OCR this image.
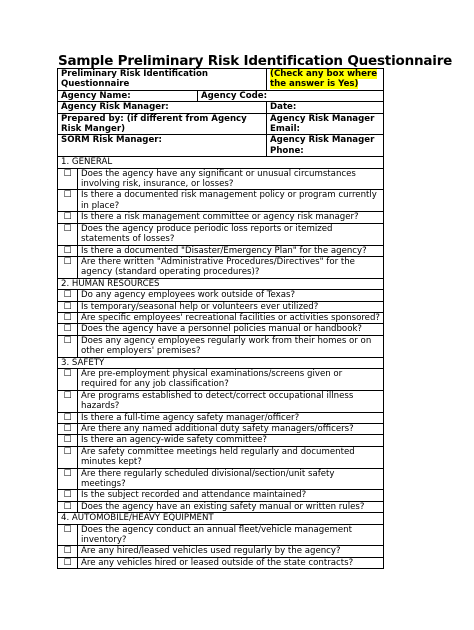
Sample Preliminary Risk Identification Questionnaire
Preliminary Risk Identification Questionnaire			(Check any box where the answer is Yes)
Agency Name:		Agency Code:	
Agency Risk Manager:			Date:
Prepared by: (if different from Agency Risk Manger)			Agency Risk Manager Email:
SORM Risk Manager:			Agency Risk Manager Phone:
1. GENERAL			
☐	Does the agency have any significant or unusual circumstances involving risk, insurance, or losses?		
☐	Is there a documented risk management policy or program currently in place?		
☐	Is there a risk management committee or agency risk manager?		
☐	Does the agency produce periodic loss reports or itemized statements of losses?		
☐	Is there a documented "Disaster/Emergency Plan" for the agency?		
☐	Are there written "Administrative Procedures/Directives" for the agency (standard operating procedures)?		
2. HUMAN RESOURCES			
☐	Do any agency employees work outside of Texas?		
☐	Is temporary/seasonal help or volunteers ever utilized?		
☐	Are specific employees' recreational facilities or activities sponsored?		
☐	Does the agency have a personnel policies manual or handbook?		
☐	Does any agency employees regularly work from their homes or on other employers' premises?		
3. SAFETY			
☐	Are pre-employment physical examinations/screens given or required for any job classification?		
☐	Are programs established to detect/correct occupational illness hazards?		
☐	Is there a full-time agency safety manager/officer?		
☐	Are there any named additional duty safety managers/officers?		
☐	Is there an agency-wide safety committee?		
☐	Are safety committee meetings held regularly and documented minutes kept?		
☐	Are there regularly scheduled divisional/section/unit safety meetings?		
☐	Is the subject recorded and attendance maintained?		
☐	Does the agency have an existing safety manual or written rules?		
4. AUTOMOBILE/HEAVY EQUIPMENT			
☐	Does the agency conduct an annual fleet/vehicle management inventory?		
☐	Are any hired/leased vehicles used regularly by the agency?		
☐	Are any vehicles hired or leased outside of the state contracts?		
